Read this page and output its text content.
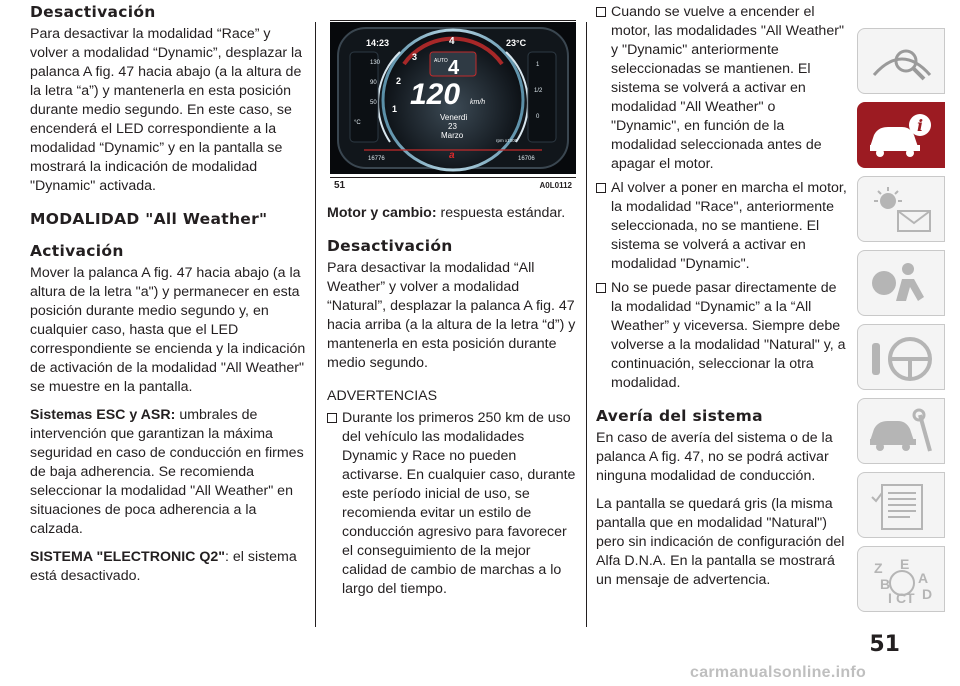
Desactivación

Para desactivar la modalidad “Race” y volver a modalidad “Dynamic”, desplazar la palanca A fig. 47 hacia abajo (a la altura de la letra “a”) y mantenerla en esta posición durante medio segundo. En este caso, se encenderá el LED correspondiente a la modalidad “Dynamic” y en la pantalla se mostrará la indicación de modalidad "Dynamic" activada.

MODALIDAD "All Weather"
Activación

Mover la palanca A fig. 47 hacia abajo (a la altura de la letra "a") y permanecer en esta posición durante medio segundo y, en cualquier caso, hasta que el LED correspondiente se encienda y la indicación de activación de la modalidad "All Weather" se muestre en la pantalla.

Sistemas ESC y ASR: umbrales de intervención que garantizan la máxima seguridad en caso de conducción en firmes de baja adherencia. Se recomienda seleccionar la modalidad "All Weather" en situaciones de poca adherencia a la calzada.

SISTEMA "ELECTRONIC Q2": el sistema está desactivado.

130
90
50
°C
1
1/2
0
14:23	23°C
4
3
2
1
AUTO 4
120 km/h
Venerdì
23
Marzo
rpm x1000
a
16776	16706
51	A0L0112

Motor y cambio: respuesta estándar.

Desactivación

Para desactivar la modalidad “All Weather” y volver a modalidad “Natural”, desplazar la palanca A fig. 47 hacia arriba (a la altura de la letra “d”) y mantenerla en esta posición durante medio segundo.

ADVERTENCIAS

Durante los primeros 250 km de uso del vehículo las modalidades Dynamic y Race no pueden activarse. En cualquier caso, durante este período inicial de uso, se recomienda evitar un estilo de conducción agresivo para favorecer el conseguimiento de la mejor calidad de cambio de marchas a lo largo del tiempo.
Cuando se vuelve a encender el motor, las modalidades "All Weather" y "Dynamic" anteriormente seleccionadas se mantienen. El sistema se volverá a activar en modalidad "All Weather" o "Dynamic", en función de la modalidad seleccionada antes de apagar el motor.
Al volver a poner en marcha el motor, la modalidad "Race", anteriormente seleccionada, no se mantiene. El sistema se volverá a activar en modalidad "Dynamic".
No se puede pasar directamente de la modalidad “Dynamic” a la “All Weather” y viceversa. Siempre debe volverse a la modalidad "Natural" y, a continuación, seleccionar la otra modalidad.
Avería del sistema

En caso de avería del sistema o de la palanca A fig. 47, no se podrá activar ninguna modalidad de conducción.

La pantalla se quedará gris (la misma pantalla que en modalidad "Natural") pero sin indicación de configuración del Alfa D.N.A. En la pantalla se mostrará un mensaje de advertencia.

i
Z E
A
B
D
I C T
51
carmanualsonline.info
